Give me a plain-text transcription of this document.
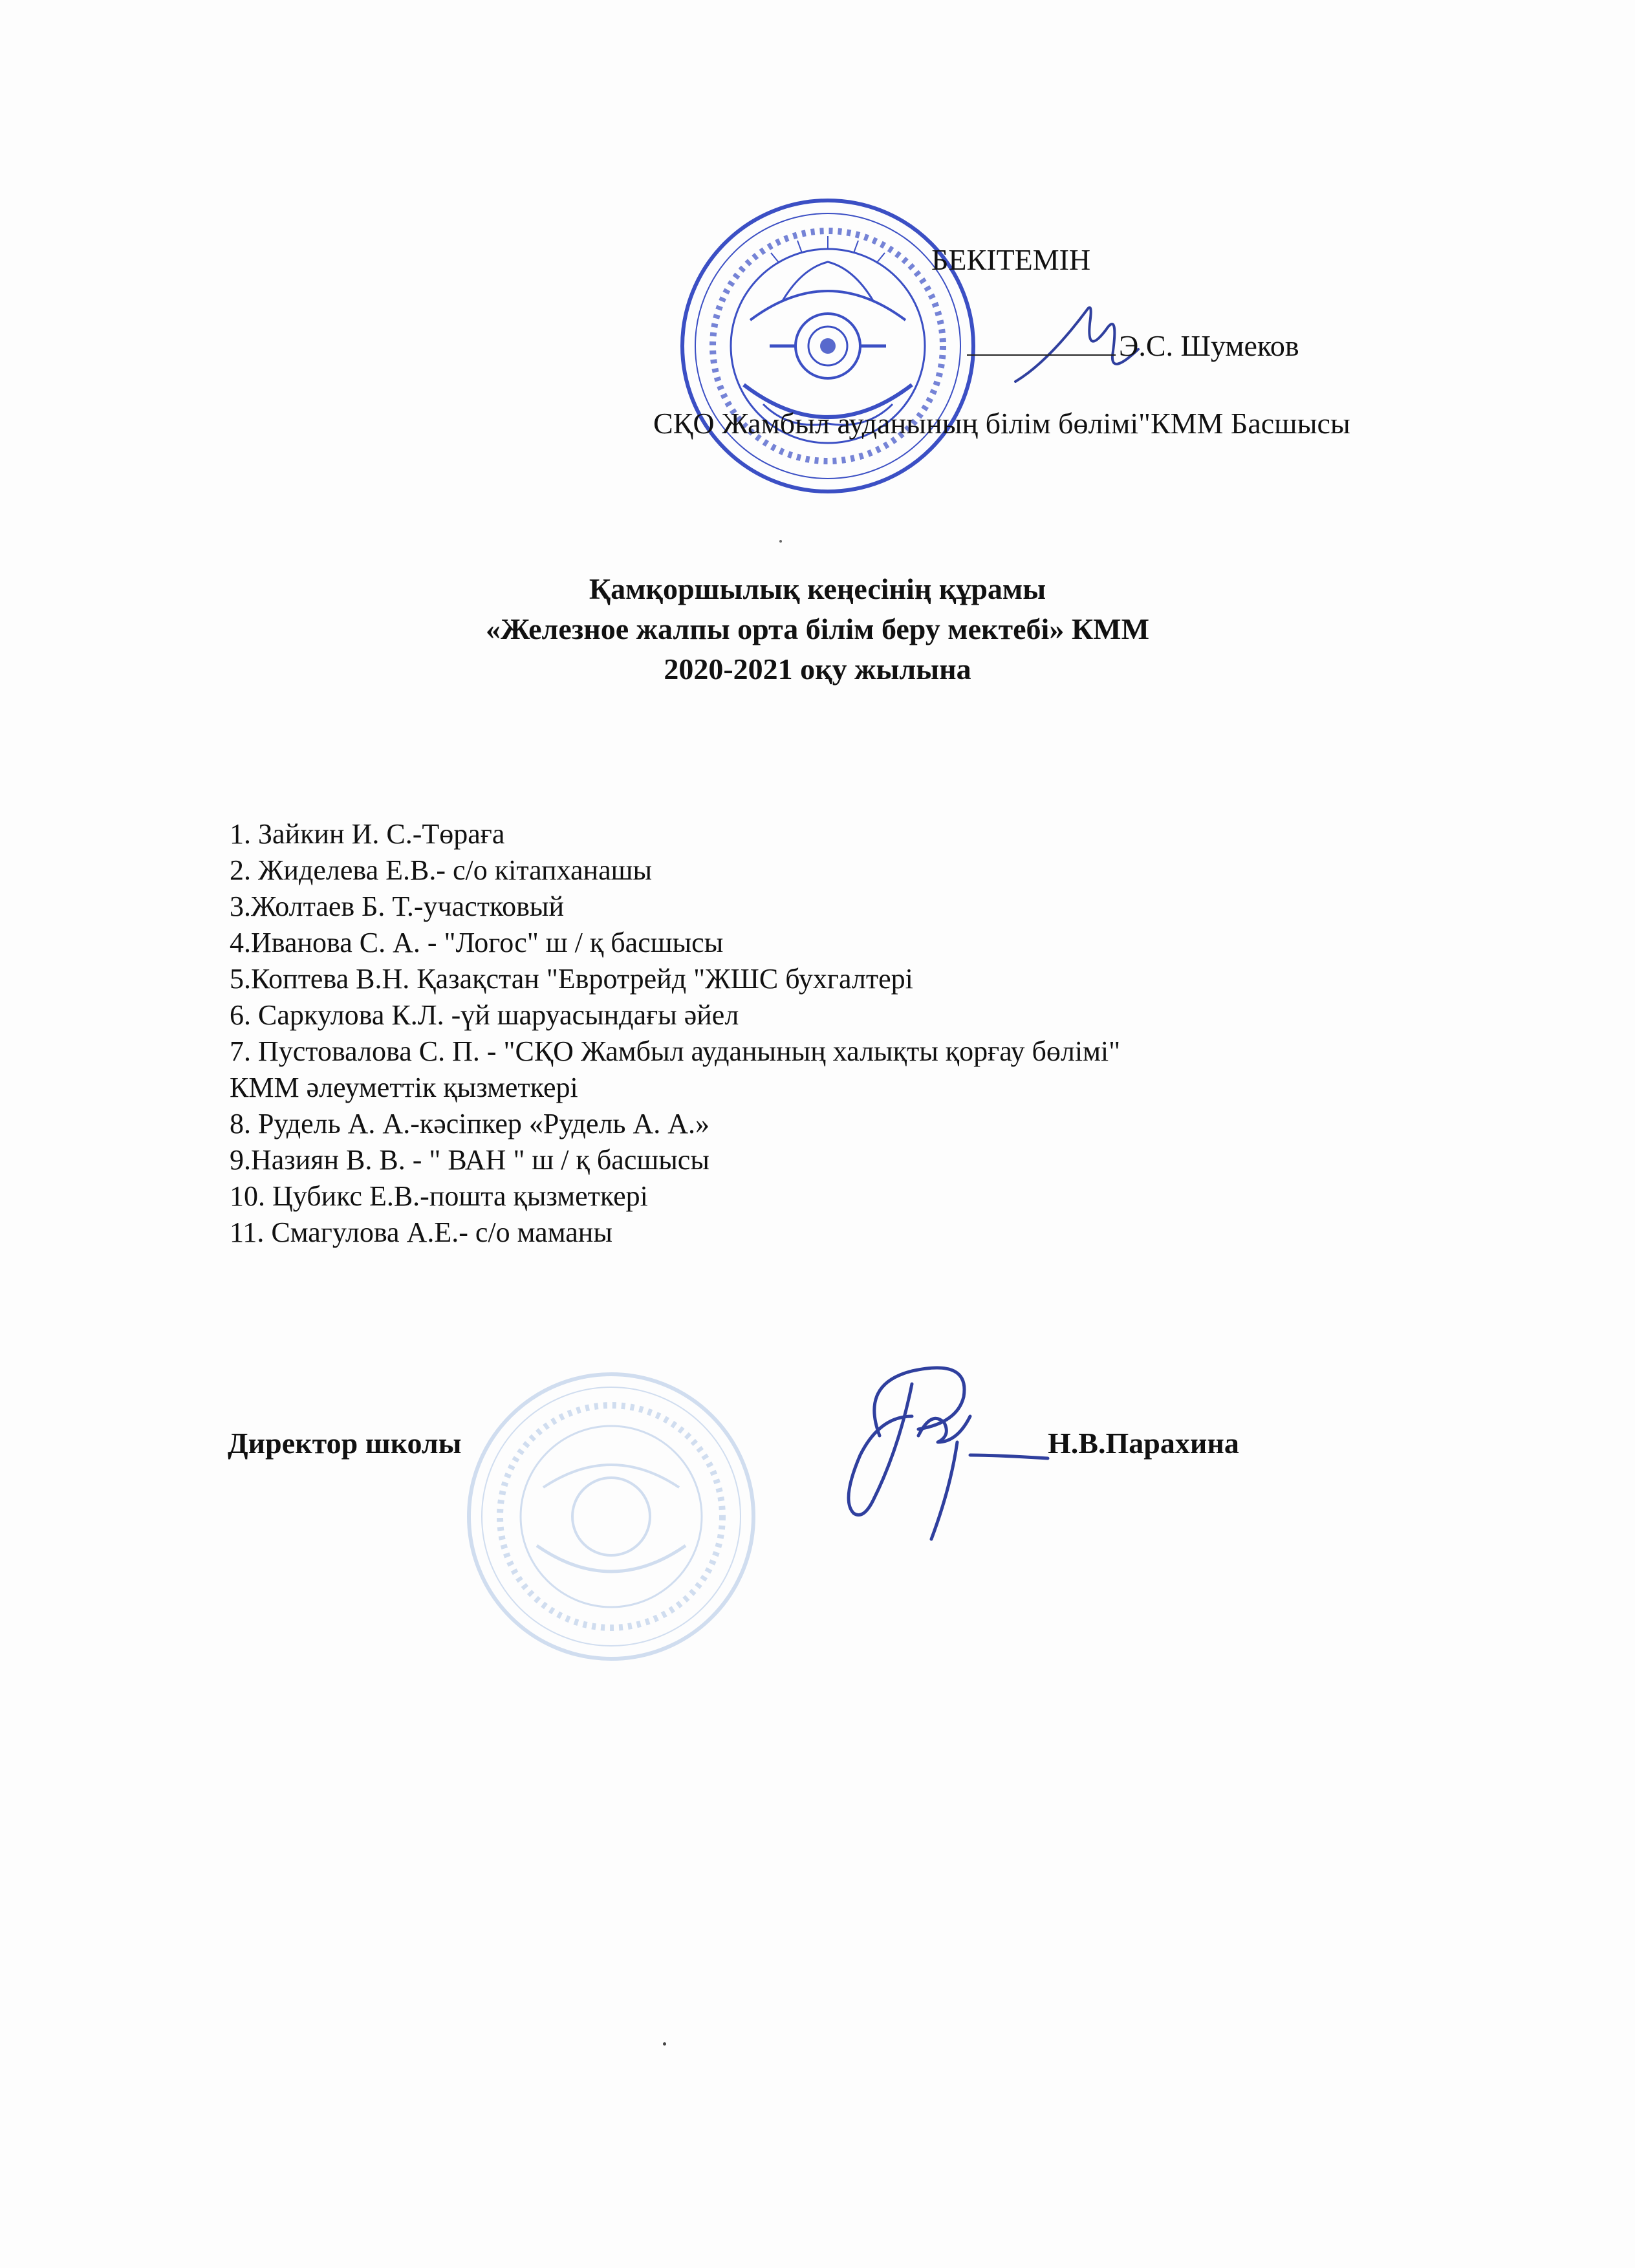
БЕКІТЕМІН
Э.С. Шумеков
СҚО Жамбыл ауданының білім бөлімі"КММ Басшысы
Қамқоршылық кеңесінің құрамы
«Железное жалпы орта білім беру мектебі» КММ
2020-2021 оқу жылына
1. Зайкин И. С.-Төраға
2. Жиделева Е.В.- с/о кітапханашы
3.Жолтаев Б. Т.-участковый
4.Иванова С. А. - "Логос" ш / қ басшысы
5.Коптева В.Н. Қазақстан "Евротрейд "ЖШС бухгалтері
6. Саркулова К.Л. -үй шаруасындағы әйел
7. Пустовалова С. П. - "СҚО Жамбыл ауданының халықты қорғау бөлімі"
КММ әлеуметтік қызметкері
8. Рудель А. А.-кәсіпкер «Рудель А. А.»
9.Назиян В. В. - " ВАН " ш / қ басшысы
10. Цубикс Е.В.-пошта қызметкері
11. Смагулова А.Е.- с/о маманы
Директор школы	Н.В.Парахина
